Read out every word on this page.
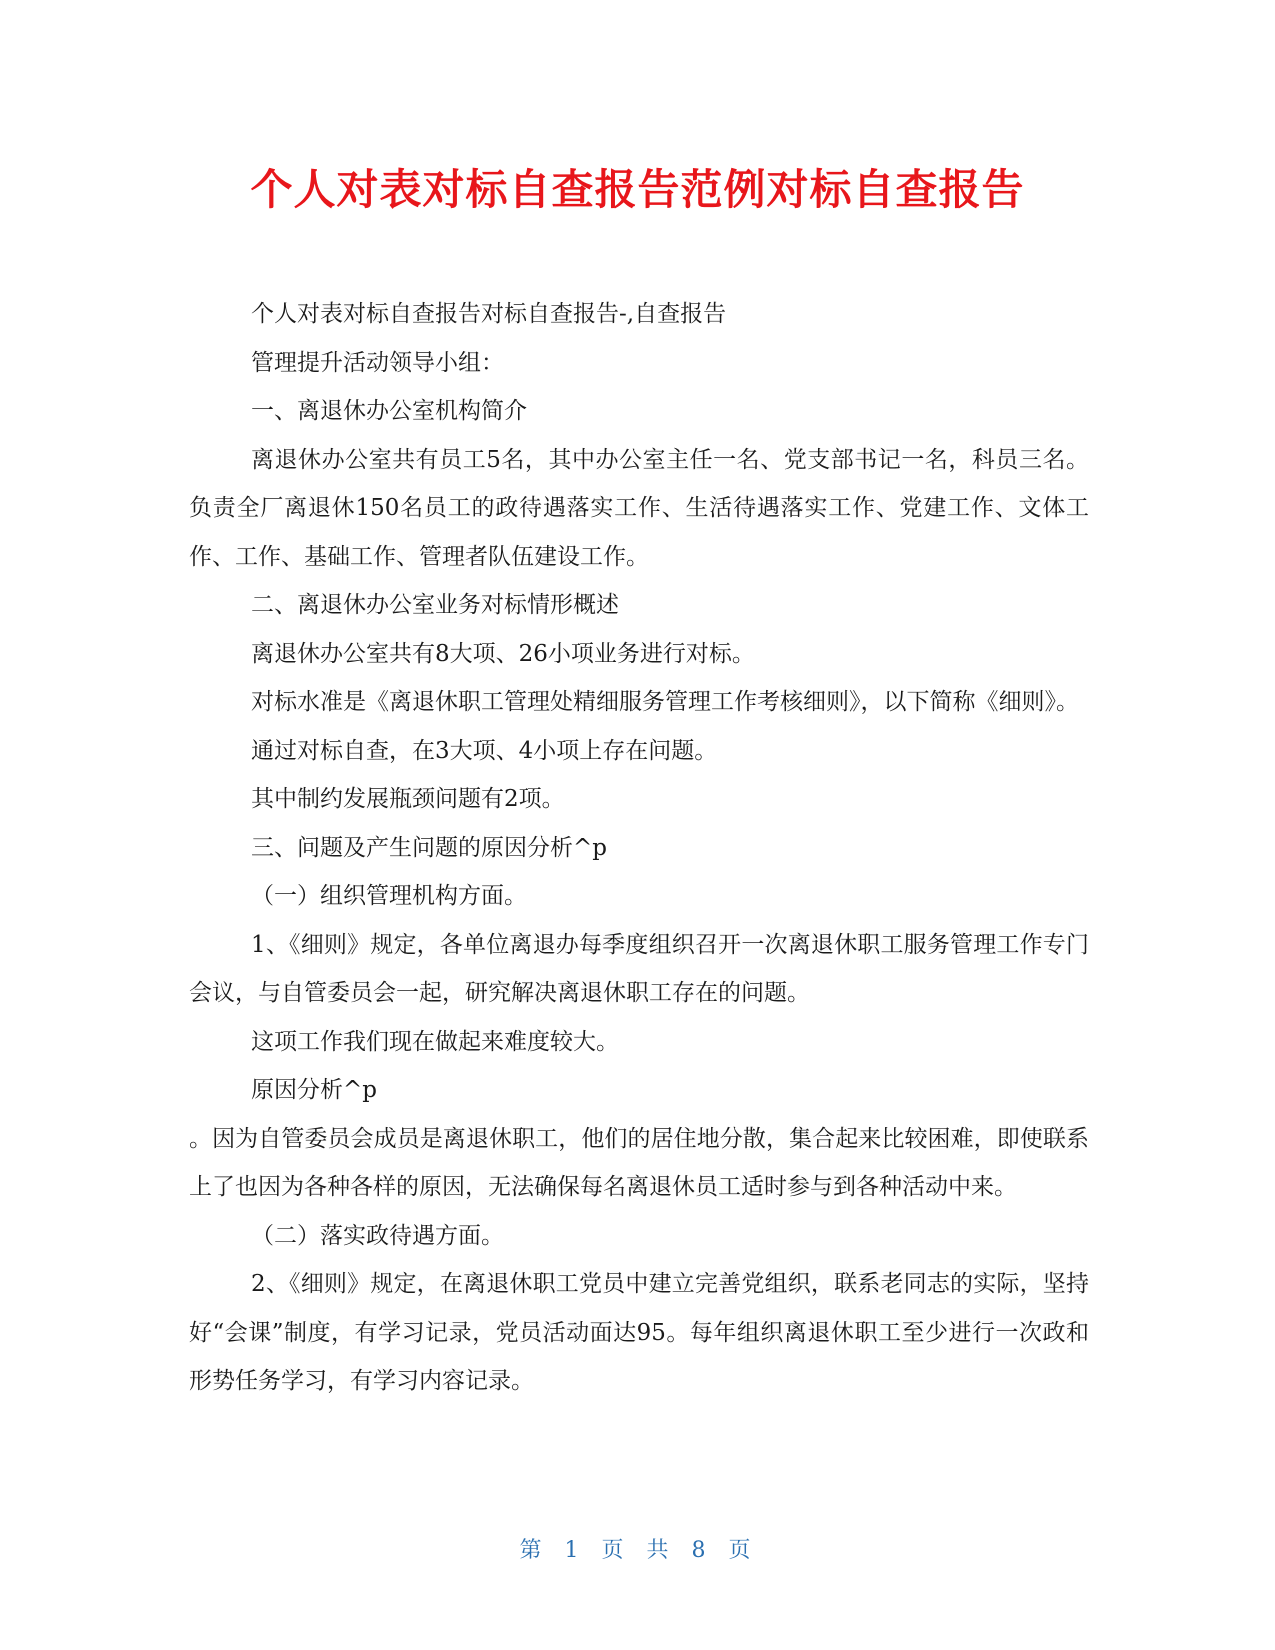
个人对表对标自查报告范例对标自查报告

个人对表对标自查报告对标自查报告-,自查报告

管理提升活动领导小组：

一、离退休办公室机构简介

离退休办公室共有员工5名，其中办公室主任一名、党支部书记一名，科员三名。负责全厂离退休150名员工的政待遇落实工作、生活待遇落实工作、党建工作、文体工作、工作、基础工作、管理者队伍建设工作。

二、离退休办公室业务对标情形概述

离退休办公室共有8大项、26小项业务进行对标。

对标水准是《离退休职工管理处精细服务管理工作考核细则》，以下简称《细则》。

通过对标自查，在3大项、4小项上存在问题。

其中制约发展瓶颈问题有2项。

三、问题及产生问题的原因分析^p

（一）组织管理机构方面。

1、《细则》规定，各单位离退办每季度组织召开一次离退休职工服务管理工作专门会议，与自管委员会一起，研究解决离退休职工存在的问题。

这项工作我们现在做起来难度较大。

原因分析^p

。因为自管委员会成员是离退休职工，他们的居住地分散，集合起来比较困难，即使联系上了也因为各种各样的原因，无法确保每名离退休员工适时参与到各种活动中来。

（二）落实政待遇方面。

2、《细则》规定，在离退休职工党员中建立完善党组织，联系老同志的实际，坚持好“会课”制度，有学习记录，党员活动面达95。每年组织离退休职工至少进行一次政和形势任务学习，有学习内容记录。

第 1 页 共 8 页
